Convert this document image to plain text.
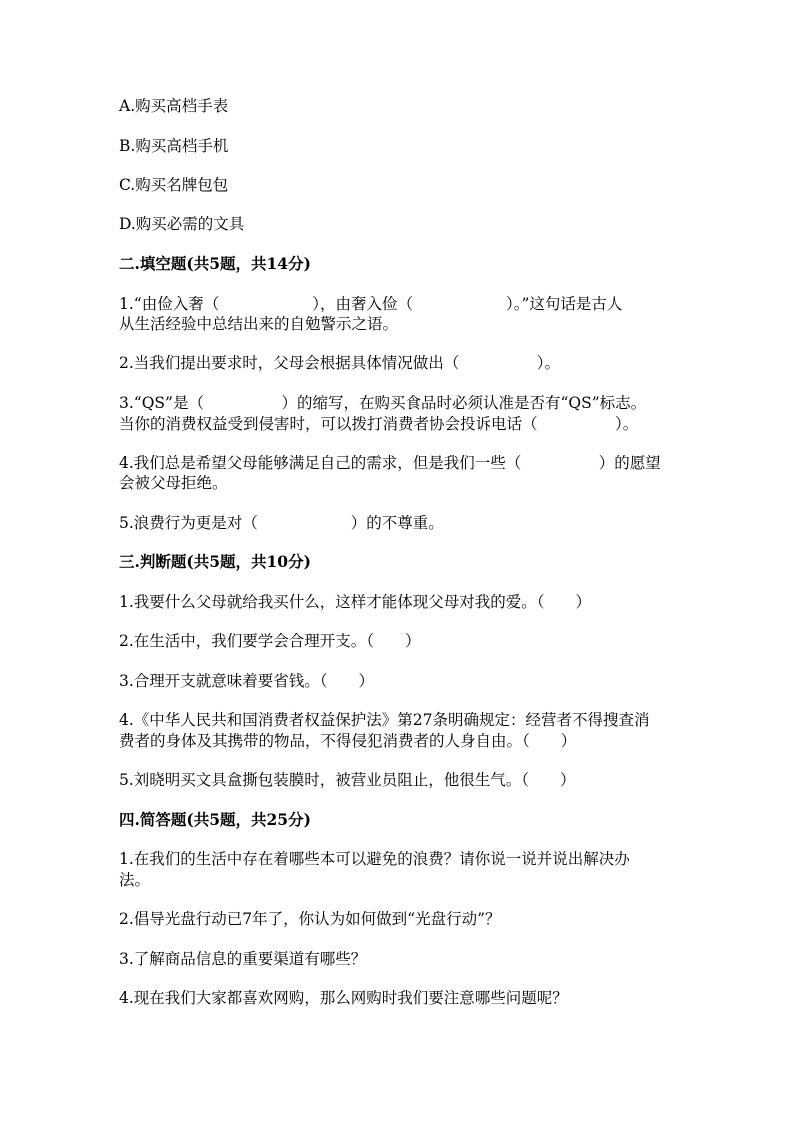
A.购买高档手表
B.购买高档手机
C.购买名牌包包
D.购买必需的文具
二.填空题(共5题，共14分)
1.“由俭入奢（　　　　　　），由奢入俭（　　　　　　）。”这句话是古人
从生活经验中总结出来的自勉警示之语。
2.当我们提出要求时，父母会根据具体情况做出（　　　　　）。
3.“QS”是（　　　　　）的缩写，在购买食品时必须认准是否有“QS”标志。
当你的消费权益受到侵害时，可以拨打消费者协会投诉电话（　　　　　）。
4.我们总是希望父母能够满足自己的需求，但是我们一些（　　　　　）的愿望
会被父母拒绝。
5.浪费行为更是对（　　　　　　）的不尊重。
三.判断题(共5题，共10分)
1.我要什么父母就给我买什么，这样才能体现父母对我的爱。（　　）
2.在生活中，我们要学会合理开支。（　　）
3.合理开支就意味着要省钱。（　　）
4.《中华人民共和国消费者权益保护法》第27条明确规定：经营者不得搜查消
费者的身体及其携带的物品，不得侵犯消费者的人身自由。（　　）
5.刘晓明买文具盒撕包装膜时，被营业员阻止，他很生气。（　　）
四.简答题(共5题，共25分)
1.在我们的生活中存在着哪些本可以避免的浪费？请你说一说并说出解决办
法。
2.倡导光盘行动已7年了，你认为如何做到“光盘行动”？
3.了解商品信息的重要渠道有哪些？
4.现在我们大家都喜欢网购，那么网购时我们要注意哪些问题呢？
